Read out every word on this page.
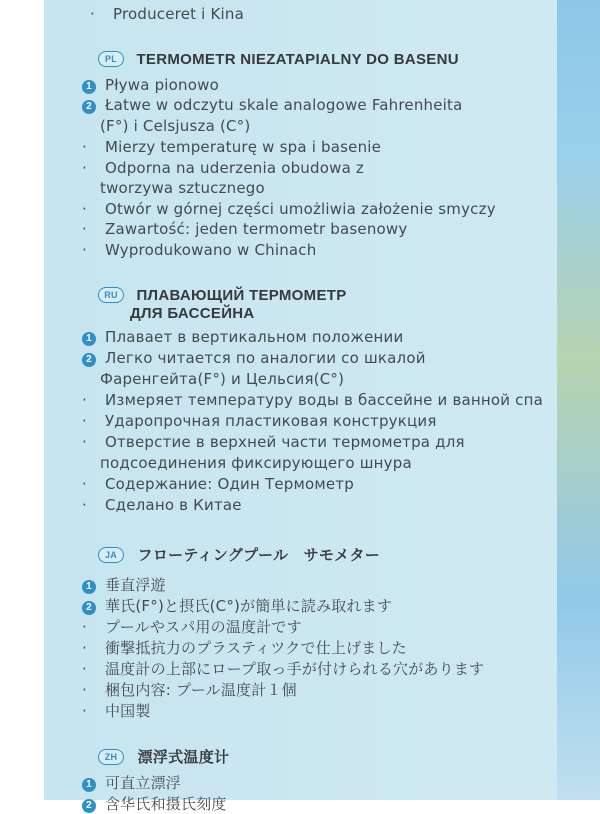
· Produceret i Kina
PL TERMOMETR NIEZATAPIALNY DO BASENU
1 Pływa pionowo
2 Łatwe w odczytu skale analogowe Fahrenheita
(F°) i Celsjusza (C°)
· Mierzy temperaturę w spa i basenie
· Odporna na uderzenia obudowa z
tworzywa sztucznego
· Otwór w górnej części umożliwia założenie smyczy
· Zawartość: jeden termometr basenowy
· Wyprodukowano w Chinach
RU ПЛАВАЮЩИЙ ТЕРМОМЕТР
ДЛЯ БАССЕЙНА
1 Плавает в вертикальном положении
2 Легко читается по аналогии со шкалой
Фаренгейта(F°) и Цельсия(C°)
· Измеряет температуру воды в бассейне и ванной спа
· Ударопрочная пластиковая конструкция
· Отверстие в верхней части термометра для
подсоединения фиксирующего шнура
· Содержание: Один Термометр
· Сделано в Китае
JA フローティングプール　サモメター
1 垂直浮遊
2 華氏(F°)と摂氏(C°)が簡単に読み取れます
· プールやスパ用の温度計です
· 衝撃抵抗力のプラスティツクで仕上げました
· 温度計の上部にロープ取っ手が付けられる穴があります
· 梱包内容: プール温度計１個
· 中国製
ZH 漂浮式温度计
1 可直立漂浮
2 含华氏和摄氏刻度
